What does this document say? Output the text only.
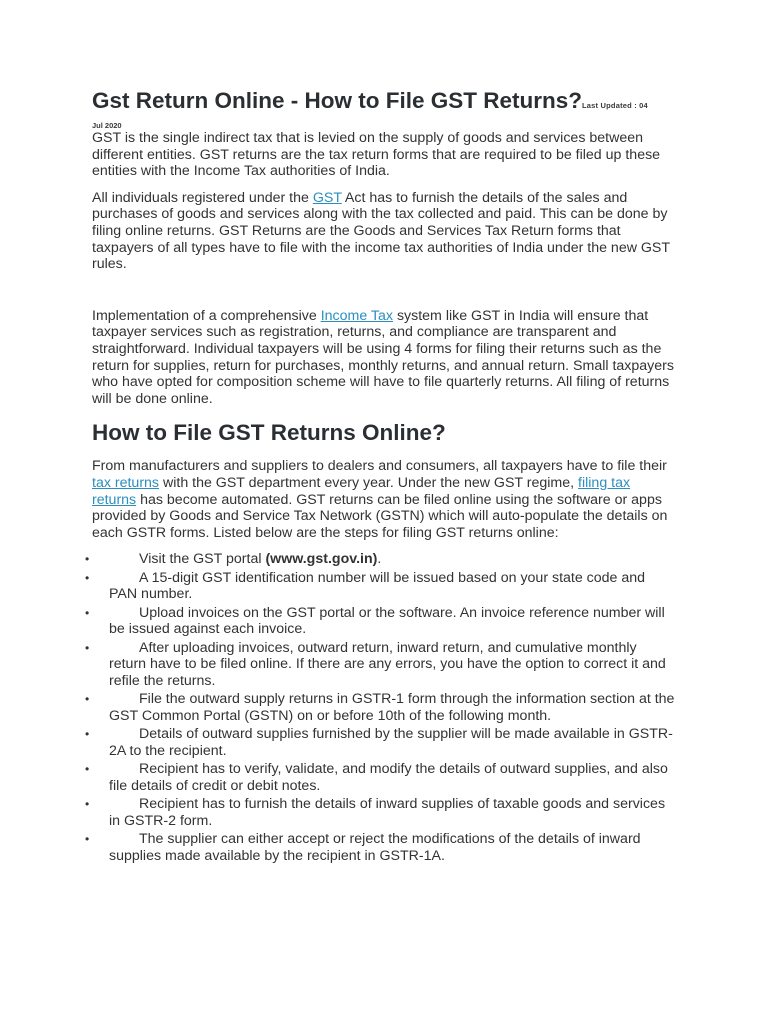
Gst Return Online - How to File GST Returns?Last Updated : 04
Jul 2020

GST is the single indirect tax that is levied on the supply of goods and services between different entities. GST returns are the tax return forms that are required to be filed up these entities with the Income Tax authorities of India.

All individuals registered under the GST Act has to furnish the details of the sales and purchases of goods and services along with the tax collected and paid. This can be done by filing online returns. GST Returns are the Goods and Services Tax Return forms that taxpayers of all types have to file with the income tax authorities of India under the new GST rules.

Implementation of a comprehensive Income Tax system like GST in India will ensure that taxpayer services such as registration, returns, and compliance are transparent and straightforward. Individual taxpayers will be using 4 forms for filing their returns such as the return for supplies, return for purchases, monthly returns, and annual return. Small taxpayers who have opted for composition scheme will have to file quarterly returns. All filing of returns will be done online.

How to File GST Returns Online?

From manufacturers and suppliers to dealers and consumers, all taxpayers have to file their tax returns with the GST department every year. Under the new GST regime, filing tax returns has become automated. GST returns can be filed online using the software or apps provided by Goods and Service Tax Network (GSTN) which will auto-populate the details on each GSTR forms. Listed below are the steps for filing GST returns online:

•	Visit the GST portal (www.gst.gov.in).
•	A 15-digit GST identification number will be issued based on your state code and PAN number.
•	Upload invoices on the GST portal or the software. An invoice reference number will be issued against each invoice.
•	After uploading invoices, outward return, inward return, and cumulative monthly return have to be filed online. If there are any errors, you have the option to correct it and refile the returns.
•	File the outward supply returns in GSTR-1 form through the information section at the GST Common Portal (GSTN) on or before 10th of the following month.
•	Details of outward supplies furnished by the supplier will be made available in GSTR-2A to the recipient.
•	Recipient has to verify, validate, and modify the details of outward supplies, and also file details of credit or debit notes.
•	Recipient has to furnish the details of inward supplies of taxable goods and services in GSTR-2 form.
•	The supplier can either accept or reject the modifications of the details of inward supplies made available by the recipient in GSTR-1A.
